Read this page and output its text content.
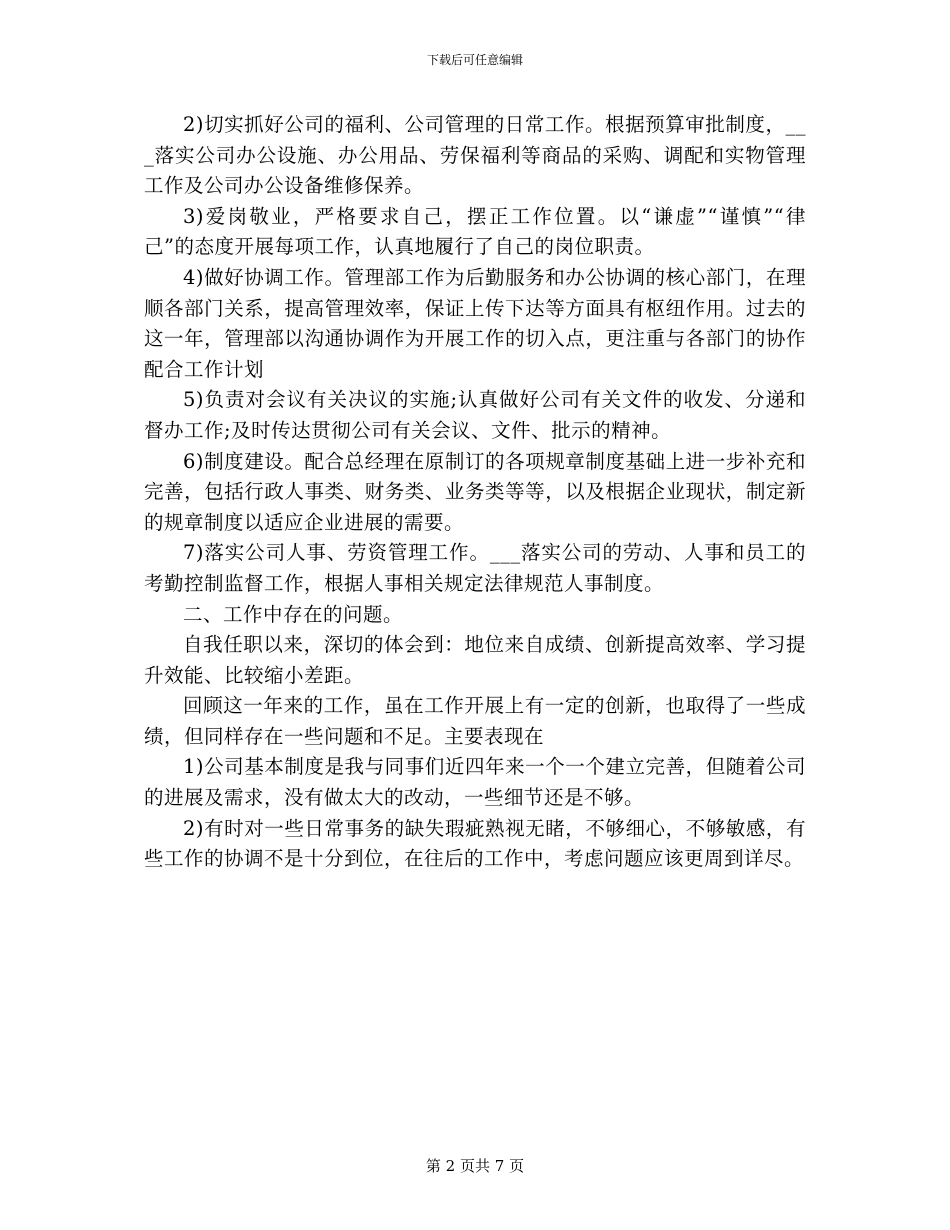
下载后可任意编辑

2)切实抓好公司的福利、公司管理的日常工作。根据预算审批制度，___落实公司办公设施、办公用品、劳保福利等商品的采购、调配和实物管理工作及公司办公设备维修保养。

3)爱岗敬业，严格要求自己，摆正工作位置。以“谦虚”“谨慎”“律己”的态度开展每项工作，认真地履行了自己的岗位职责。

4)做好协调工作。管理部工作为后勤服务和办公协调的核心部门，在理顺各部门关系，提高管理效率，保证上传下达等方面具有枢纽作用。过去的这一年，管理部以沟通协调作为开展工作的切入点，更注重与各部门的协作配合工作计划

5)负责对会议有关决议的实施;认真做好公司有关文件的收发、分递和督办工作;及时传达贯彻公司有关会议、文件、批示的精神。

6)制度建设。配合总经理在原制订的各项规章制度基础上进一步补充和完善，包括行政人事类、财务类、业务类等等，以及根据企业现状，制定新的规章制度以适应企业进展的需要。

7)落实公司人事、劳资管理工作。___落实公司的劳动、人事和员工的考勤控制监督工作，根据人事相关规定法律规范人事制度。

二、工作中存在的问题。

自我任职以来，深切的体会到：地位来自成绩、创新提高效率、学习提升效能、比较缩小差距。

回顾这一年来的工作，虽在工作开展上有一定的创新，也取得了一些成绩，但同样存在一些问题和不足。主要表现在

1)公司基本制度是我与同事们近四年来一个一个建立完善，但随着公司的进展及需求，没有做太大的改动，一些细节还是不够。

2)有时对一些日常事务的缺失瑕疵熟视无睹，不够细心，不够敏感，有些工作的协调不是十分到位，在往后的工作中，考虑问题应该更周到详尽。

第 2 页共 7 页
